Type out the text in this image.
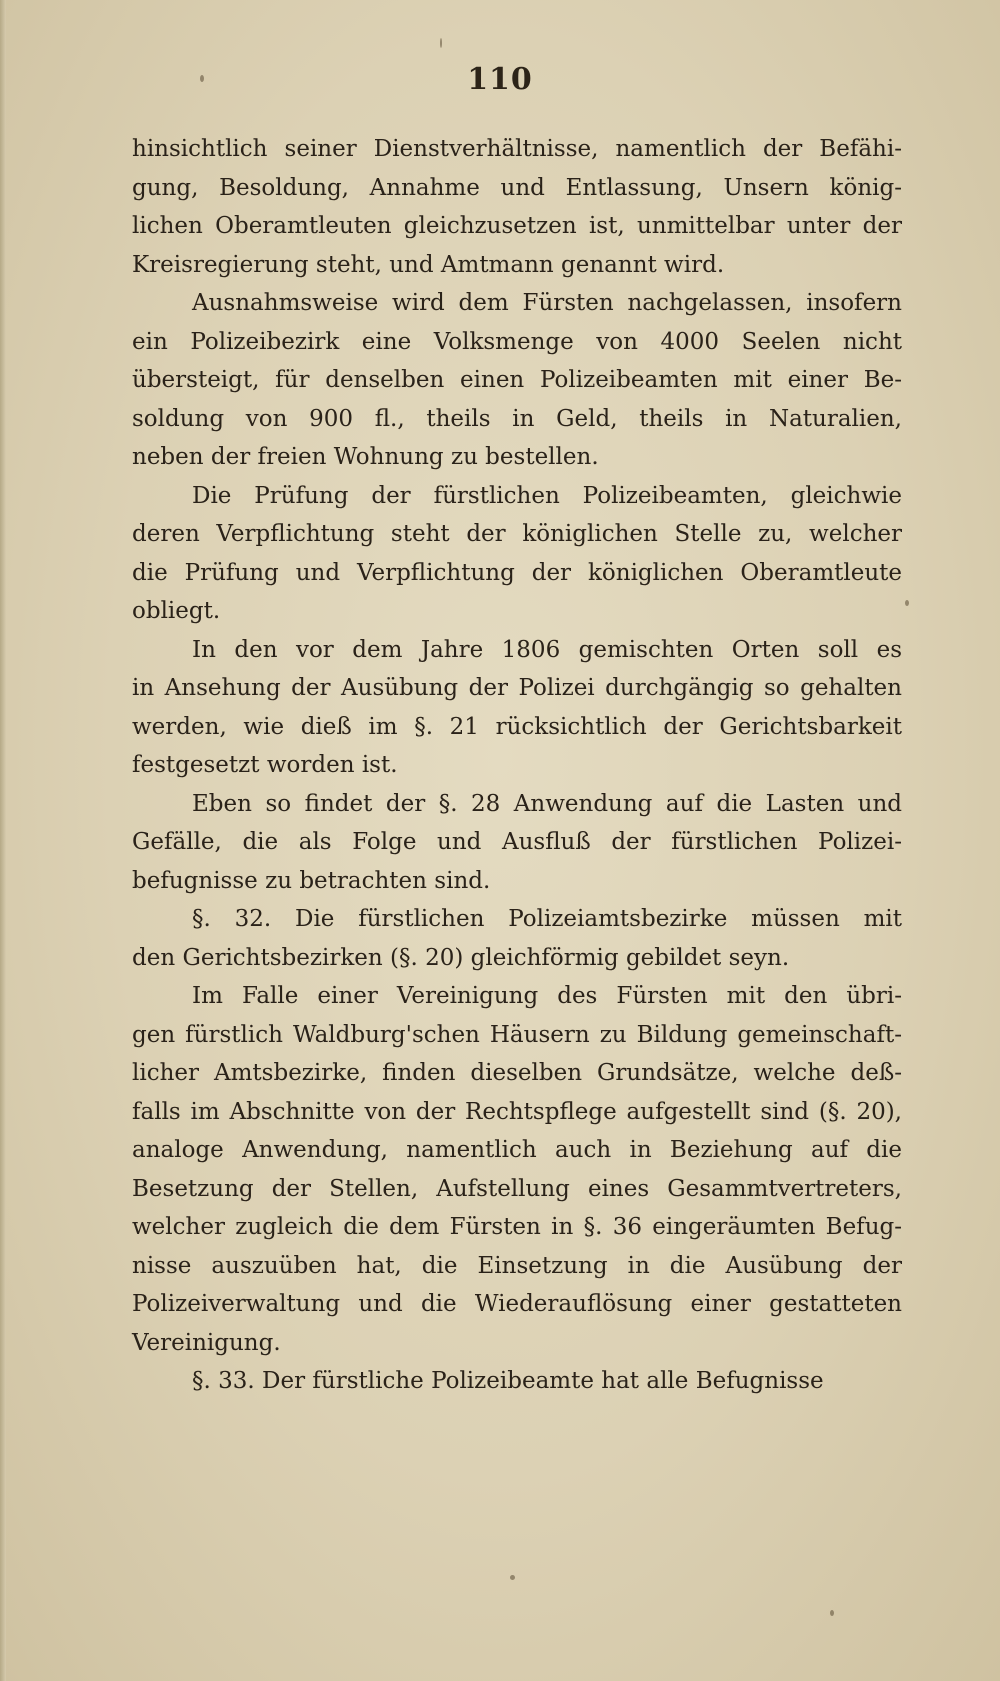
110

hinsichtlich seiner Dienstverhältnisse, namentlich der Befähi-
gung, Besoldung, Annahme und Entlassung, Unsern könig-
lichen Oberamtleuten gleichzusetzen ist, unmittelbar unter der
Kreisregierung steht, und Amtmann genannt wird.

Ausnahmsweise wird dem Fürsten nachgelassen, insofern
ein Polizeibezirk eine Volksmenge von 4000 Seelen nicht
übersteigt, für denselben einen Polizeibeamten mit einer Be-
soldung von 900 fl., theils in Geld, theils in Naturalien,
neben der freien Wohnung zu bestellen.

Die Prüfung der fürstlichen Polizeibeamten, gleichwie
deren Verpflichtung steht der königlichen Stelle zu, welcher
die Prüfung und Verpflichtung der königlichen Oberamtleute
obliegt.

In den vor dem Jahre 1806 gemischten Orten soll es
in Ansehung der Ausübung der Polizei durchgängig so gehalten
werden, wie dieß im §. 21 rücksichtlich der Gerichtsbarkeit
festgesetzt worden ist.

Eben so findet der §. 28 Anwendung auf die Lasten und
Gefälle, die als Folge und Ausfluß der fürstlichen Polizei-
befugnisse zu betrachten sind.

§. 32. Die fürstlichen Polizeiamtsbezirke müssen mit
den Gerichtsbezirken (§. 20) gleichförmig gebildet seyn.

Im Falle einer Vereinigung des Fürsten mit den übri-
gen fürstlich Waldburg'schen Häusern zu Bildung gemeinschaft-
licher Amtsbezirke, finden dieselben Grundsätze, welche deß-
falls im Abschnitte von der Rechtspflege aufgestellt sind (§. 20),
analoge Anwendung, namentlich auch in Beziehung auf die
Besetzung der Stellen, Aufstellung eines Gesammtvertreters,
welcher zugleich die dem Fürsten in §. 36 eingeräumten Befug-
nisse auszuüben hat, die Einsetzung in die Ausübung der
Polizeiverwaltung und die Wiederauflösung einer gestatteten
Vereinigung.

§. 33. Der fürstliche Polizeibeamte hat alle Befugnisse
